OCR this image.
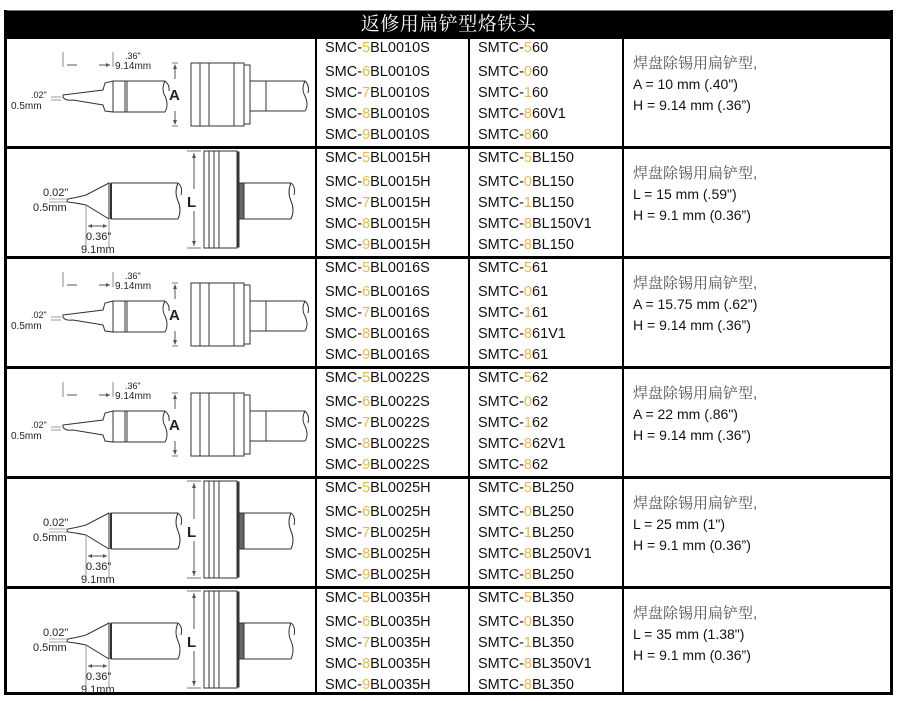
返修用扁铲型烙铁头
A
.36"
9.14mm
.02"
0.5mm
SMC-5BL0010S
SMC-6BL0010S
SMC-7BL0010S
SMC-8BL0010S
SMC-9BL0010S
SMTC-560
SMTC-060
SMTC-160
SMTC-860V1
SMTC-860
焊盘除锡用扁铲型,
A = 10 mm (.40")
H = 9.14 mm (.36”)
L
0.02"
0.5mm
0.36"
9.1mm
SMC-5BL0015H
SMC-6BL0015H
SMC-7BL0015H
SMC-8BL0015H
SMC-9BL0015H
SMTC-5BL150
SMTC-0BL150
SMTC-1BL150
SMTC-8BL150V1
SMTC-8BL150
焊盘除锡用扁铲型,
L = 15 mm (.59")
H = 9.1 mm (0.36”)
A
.36"
9.14mm
.02"
0.5mm
SMC-5BL0016S
SMC-6BL0016S
SMC-7BL0016S
SMC-8BL0016S
SMC-9BL0016S
SMTC-561
SMTC-061
SMTC-161
SMTC-861V1
SMTC-861
焊盘除锡用扁铲型,
A = 15.75 mm (.62")
H = 9.14 mm (.36”)
A
.36"
9.14mm
.02"
0.5mm
SMC-5BL0022S
SMC-6BL0022S
SMC-7BL0022S
SMC-8BL0022S
SMC-9BL0022S
SMTC-562
SMTC-062
SMTC-162
SMTC-862V1
SMTC-862
焊盘除锡用扁铲型,
A = 22 mm (.86")
H = 9.14 mm (.36”)
L
0.02"
0.5mm
0.36"
9.1mm
SMC-5BL0025H
SMC-6BL0025H
SMC-7BL0025H
SMC-8BL0025H
SMC-9BL0025H
SMTC-5BL250
SMTC-0BL250
SMTC-1BL250
SMTC-8BL250V1
SMTC-8BL250
焊盘除锡用扁铲型,
L = 25 mm (1")
H = 9.1 mm (0.36”)
L
0.02"
0.5mm
0.36"
9.1mm
SMC-5BL0035H
SMC-6BL0035H
SMC-7BL0035H
SMC-8BL0035H
SMC-9BL0035H
SMTC-5BL350
SMTC-0BL350
SMTC-1BL350
SMTC-8BL350V1
SMTC-8BL350
焊盘除锡用扁铲型,
L = 35 mm (1.38")
H = 9.1 mm (0.36”)
